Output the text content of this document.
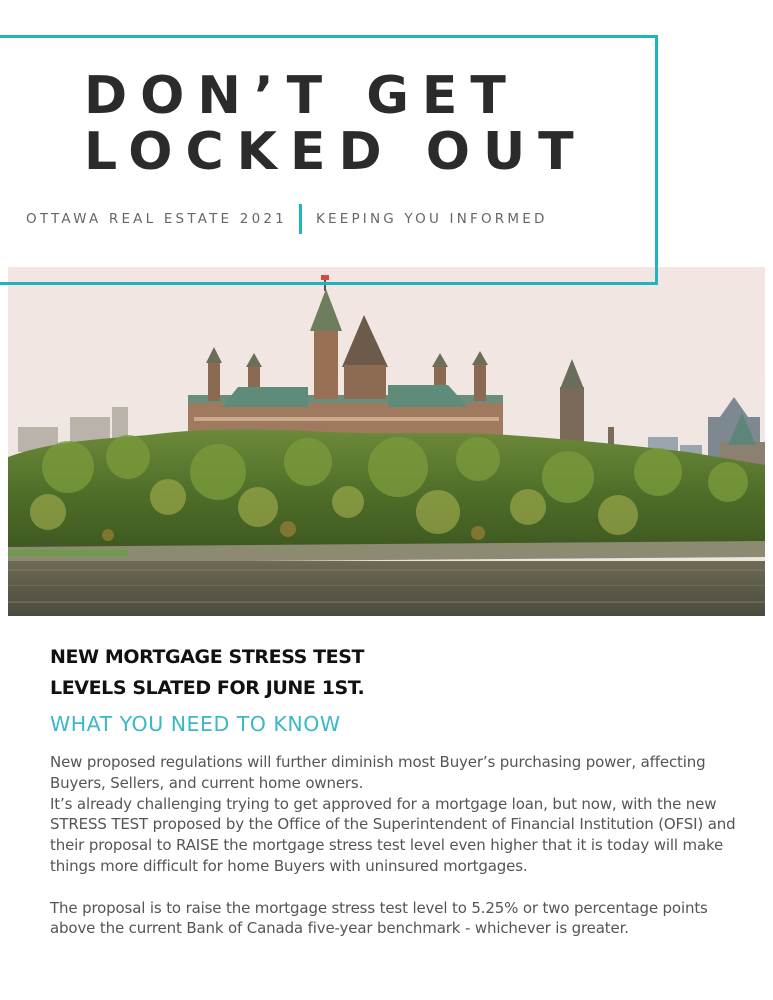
DON’T GET
LOCKED OUT
OTTAWA REAL ESTATE 2021 KEEPING YOU INFORMED
NEW MORTGAGE STRESS TEST
LEVELS SLATED FOR JUNE 1ST.
WHAT YOU NEED TO KNOW

New proposed regulations will further diminish most Buyer’s purchasing power, affecting Buyers, Sellers, and current home owners.

It’s already challenging trying to get approved for a mortgage loan, but now, with the new STRESS TEST proposed by the Office of the Superintendent of Financial Institution (OFSI) and their proposal to RAISE the mortgage stress test level even higher that it is today will make things more difficult for home Buyers with uninsured mortgages.

The proposal is to raise the mortgage stress test level to 5.25% or two percentage points above the current Bank of Canada five-year benchmark - whichever is greater.
